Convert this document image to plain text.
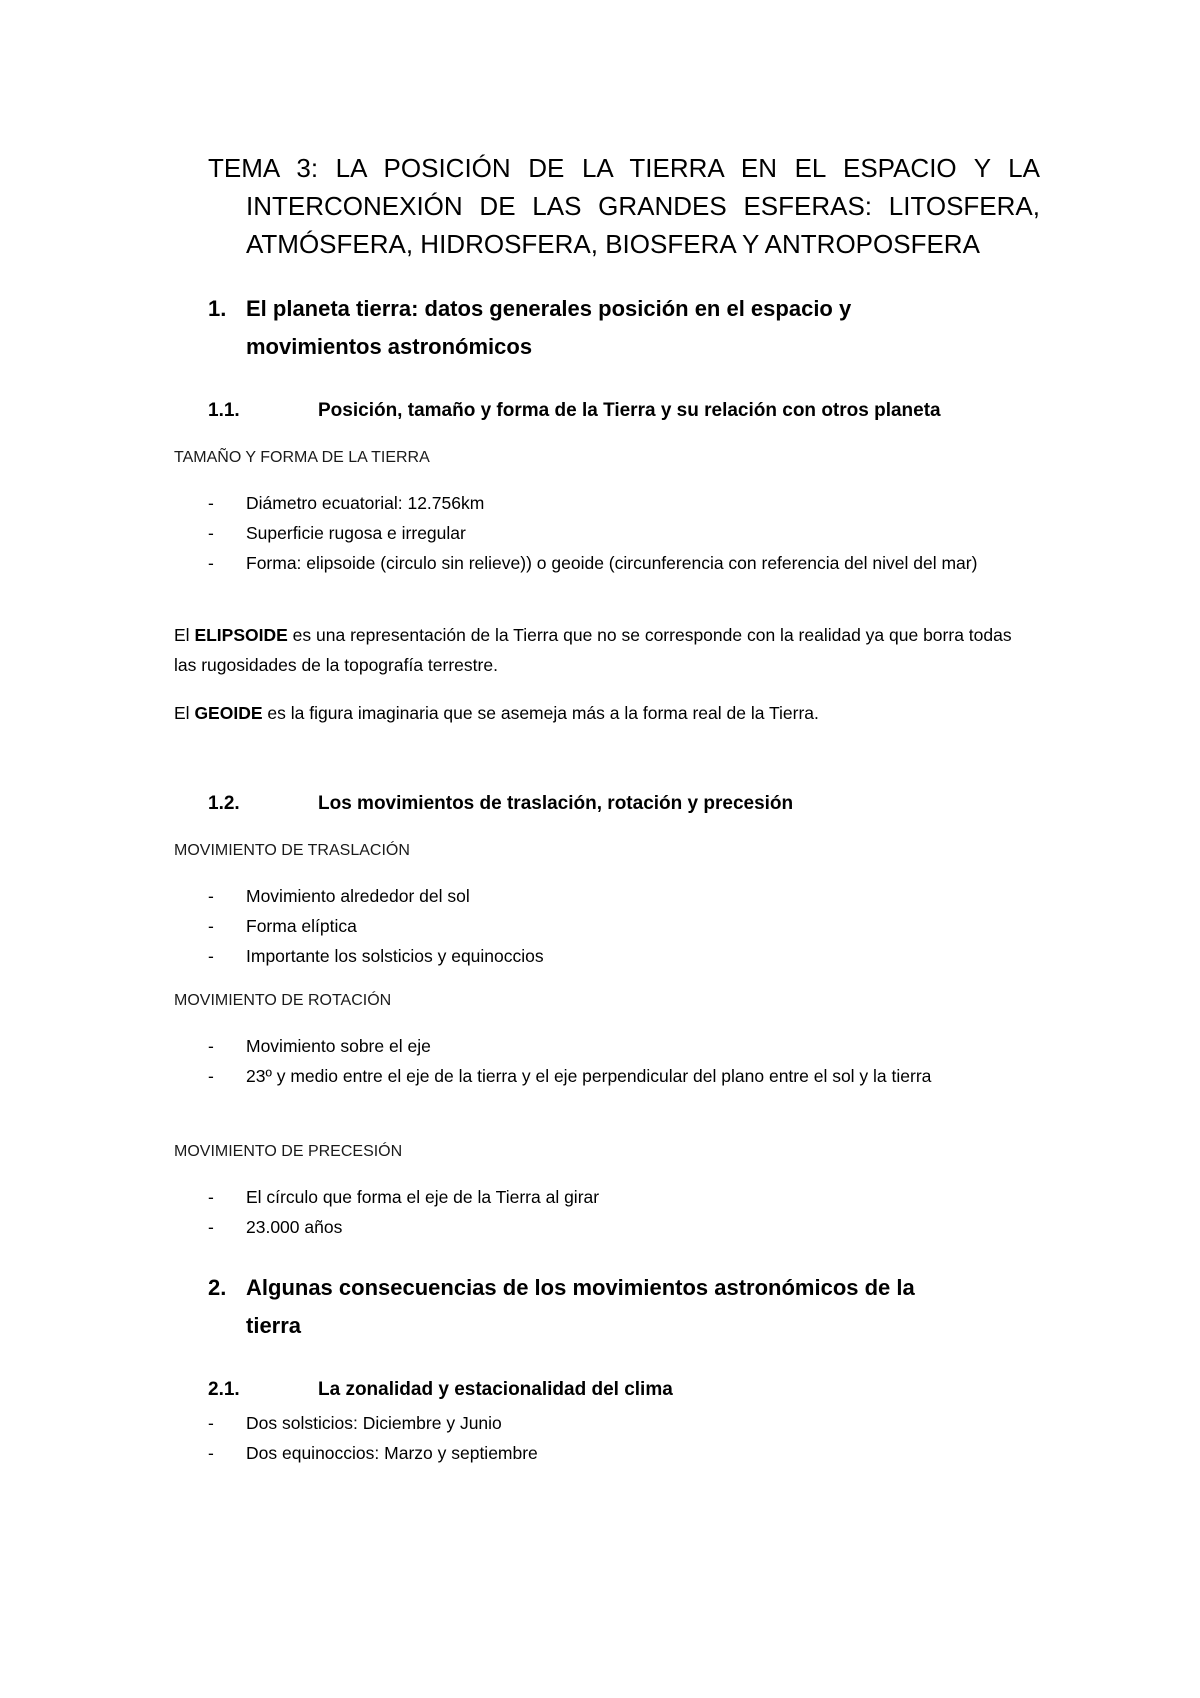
TEMA 3: LA POSICIÓN DE LA TIERRA EN EL ESPACIO Y LA
INTERCONEXIÓN DE LAS GRANDES ESFERAS: LITOSFERA,
ATMÓSFERA, HIDROSFERA, BIOSFERA Y ANTROPOSFERA
1. El planeta tierra: datos generales posición en el espacio y
movimientos astronómicos
1.1.	Posición, tamaño y forma de la Tierra y su relación con otros planeta
TAMAÑO Y FORMA DE LA TIERRA
- Diámetro ecuatorial: 12.756km
- Superficie rugosa e irregular
- Forma: elipsoide (circulo sin relieve)) o geoide (circunferencia con referencia del nivel del mar)

El ELIPSOIDE es una representación de la Tierra que no se corresponde con la realidad ya que borra todas las rugosidades de la topografía terrestre.

El GEOIDE es la figura imaginaria que se asemeja más a la forma real de la Tierra.

1.2.	Los movimientos de traslación, rotación y precesión
MOVIMIENTO DE TRASLACIÓN
- Movimiento alrededor del sol
- Forma elíptica
- Importante los solsticios y equinoccios
MOVIMIENTO DE ROTACIÓN
- Movimiento sobre el eje
- 23º y medio entre el eje de la tierra y el eje perpendicular del plano entre el sol y la tierra
MOVIMIENTO DE PRECESIÓN
- El círculo que forma el eje de la Tierra al girar
- 23.000 años
2. Algunas consecuencias de los movimientos astronómicos de la
tierra
2.1.	La zonalidad y estacionalidad del clima
- Dos solsticios: Diciembre y Junio
- Dos equinoccios: Marzo y septiembre
